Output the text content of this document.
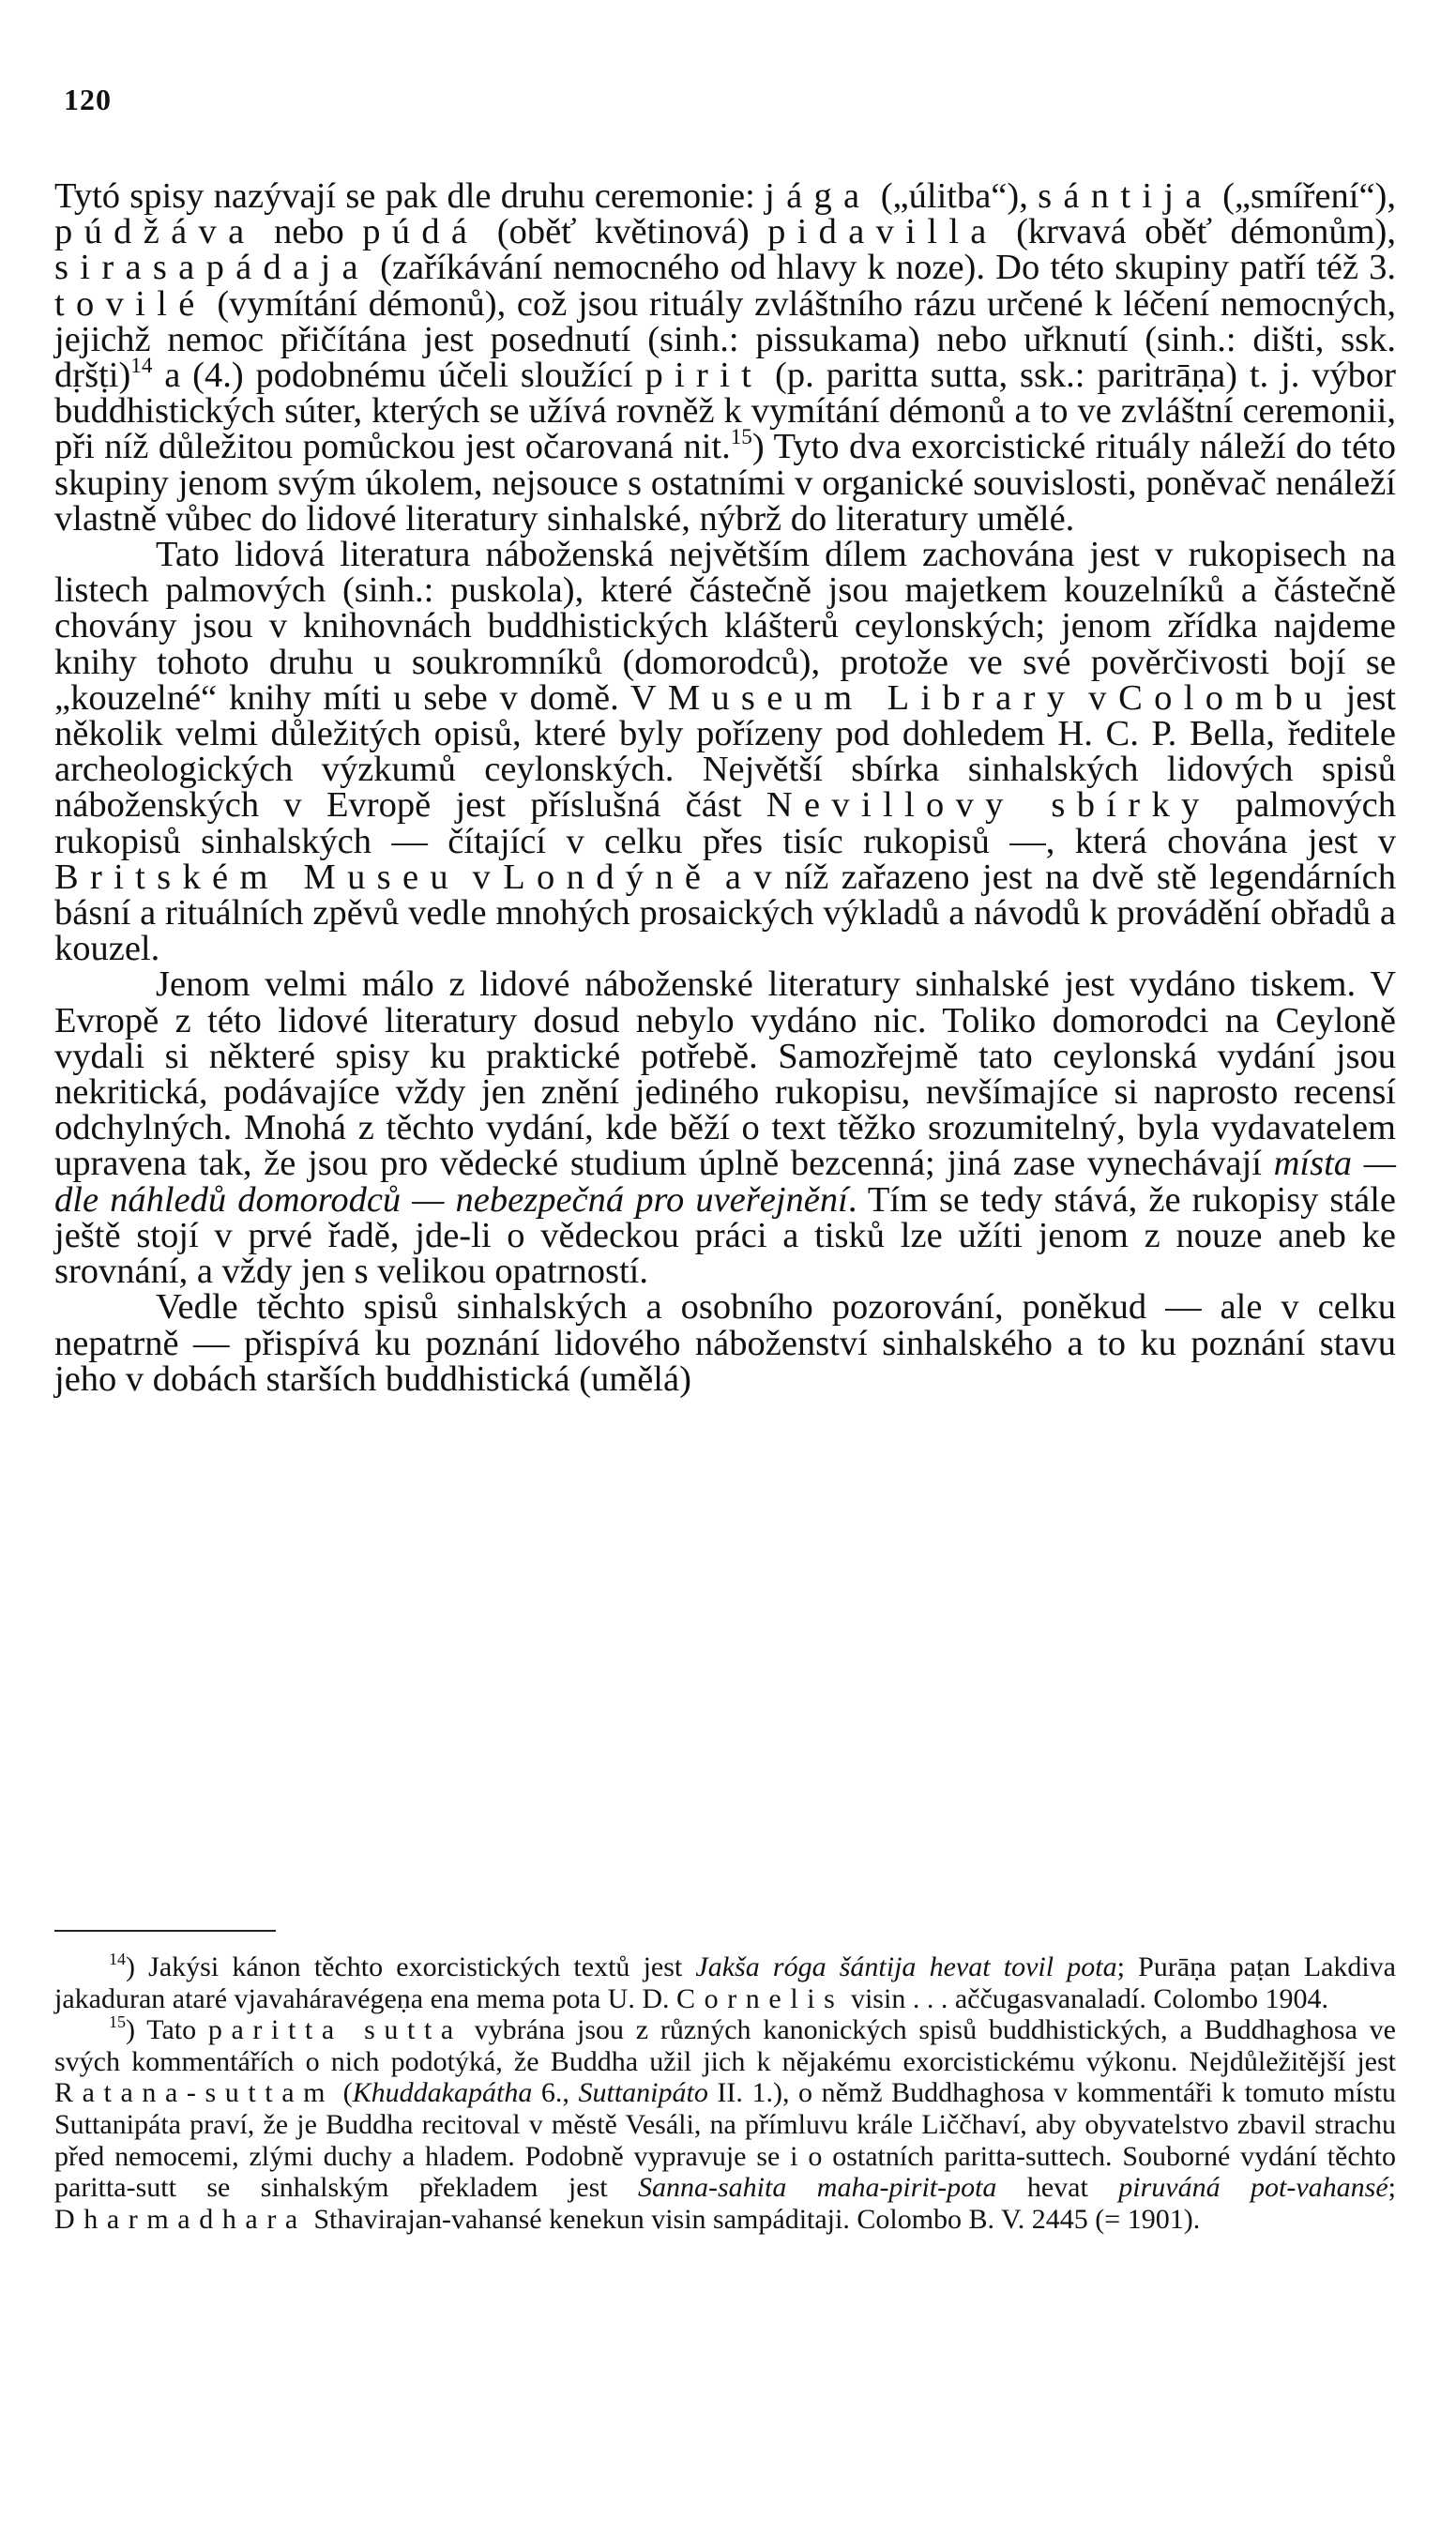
120

Tytó spisy nazývají se pak dle druhu ceremonie: jága („úlitba“), sántija („smíření“), púdžáva nebo púdá (oběť květinová) pidavilla (krvavá oběť démonům), sirasapádaja (zaříkávání nemocného od hlavy k noze). Do této skupiny patří též 3. tovilé (vymítání démonů), což jsou rituály zvláštního rázu určené k léčení nemocných, jejichž nemoc přičítána jest posednutí (sinh.: pissukama) nebo uřknutí (sinh.: dišti, ssk. dṛšṭi)$^{14}$ a (4.) podobnému účeli sloužící pirit (p. paritta sutta, ssk.: paritrāṇa) t. j. výbor buddhistických súter, kterých se užívá rovněž k vymítání démonů a to ve zvláštní ceremonii, při níž důležitou pomůckou jest očarovaná nit.$^{15}$) Tyto dva exorcistické rituály náleží do této skupiny jenom svým úkolem, nejsouce s ostatními v organické souvislosti, poněvač nenáleží vlastně vůbec do lidové literatury sinhalské, nýbrž do literatury umělé.

Tato lidová literatura náboženská největším dílem zachována jest v rukopisech na listech palmových (sinh.: puskola), které částečně jsou majetkem kouzelníků a částečně chovány jsou v knihovnách buddhistických klášterů ceylonských; jenom zřídka najdeme knihy tohoto druhu u soukromníků (domorodců), protože ve své pověrčivosti bojí se „kouzelné“ knihy míti u sebe v domě. V Museum Library v Colombu jest několik velmi důležitých opisů, které byly pořízeny pod dohledem H. C. P. Bella, ředitele archeologických výzkumů ceylonských. Největší sbírka sinhalských lidových spisů náboženských v Evropě jest příslušná část Nevillovy sbírky palmových rukopisů sinhalských — čítající v celku přes tisíc rukopisů —, která chována jest v Britském Museu v Londýně a v níž zařazeno jest na dvě stě legendárních básní a rituálních zpěvů vedle mnohých prosaických výkladů a návodů k provádění obřadů a kouzel.

Jenom velmi málo z lidové náboženské literatury sinhalské jest vydáno tiskem. V Evropě z této lidové literatury dosud nebylo vydáno nic. Toliko domorodci na Ceyloně vydali si některé spisy ku praktické potřebě. Samozřejmě tato ceylonská vydání jsou nekritická, podávajíce vždy jen znění jediného rukopisu, nevšímajíce si naprosto recensí odchylných. Mnohá z těchto vydání, kde běží o text těžko srozumitelný, byla vydavatelem upravena tak, že jsou pro vědecké studium úplně bezcenná; jiná zase vynechávají místa — dle náhledů domorodců — nebezpečná pro uveřejnění. Tím se tedy stává, že rukopisy stále ještě stojí v prvé řadě, jde-li o vědeckou práci a tisků lze užíti jenom z nouze aneb ke srovnání, a vždy jen s velikou opatrností.

Vedle těchto spisů sinhalských a osobního pozorování, poněkud — ale v celku nepatrně — přispívá ku poznání lidového náboženství sinhalského a to ku poznání stavu jeho v dobách starších buddhistická (umělá)

$^{14}$) Jakýsi kánon těchto exorcistických textů jest Jakša róga šántija hevat tovil pota; Purāṇa paṭan Lakdiva jakaduran ataré vjavaháravégeṇa ena mema pota U. D. Cornelis visin . . . aččugasvanaladí. Colombo 1904.

$^{15}$) Tato paritta sutta vybrána jsou z různých kanonických spisů buddhistických, a Buddhaghosa ve svých kommentářích o nich podotýká, že Buddha užil jich k nějakému exorcistickému výkonu. Nejdůležitější jest Ratana-suttam (Khuddakapátha 6., Suttanipáto II. 1.), o němž Buddhaghosa v kommentáři k tomuto místu Suttanipáta praví, že je Buddha recitoval v městě Vesáli, na přímluvu krále Liččhaví, aby obyvatelstvo zbavil strachu před nemocemi, zlými duchy a hladem. Podobně vypravuje se i o ostatních paritta-suttech. Souborné vydání těchto paritta-sutt se sinhalským překladem jest Sanna-sahita maha-pirit-pota hevat piruváná pot-vahansé; Dharmadhara Sthavirajan-vahansé kenekun visin sampáditaji. Colombo B. V. 2445 (= 1901).
